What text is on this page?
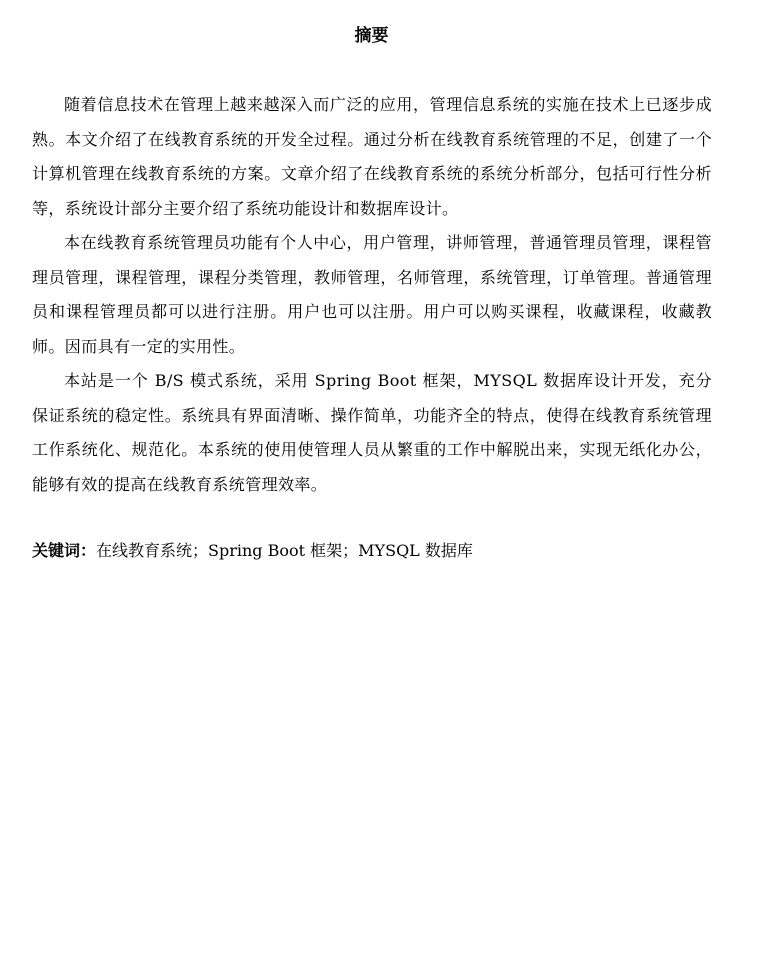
摘要

随着信息技术在管理上越来越深入而广泛的应用，管理信息系统的实施在技术上已逐步成熟。本文介绍了在线教育系统的开发全过程。通过分析在线教育系统管理的不足，创建了一个计算机管理在线教育系统的方案。文章介绍了在线教育系统的系统分析部分，包括可行性分析等，系统设计部分主要介绍了系统功能设计和数据库设计。

本在线教育系统管理员功能有个人中心，用户管理，讲师管理，普通管理员管理，课程管理员管理，课程管理，课程分类管理，教师管理，名师管理，系统管理，订单管理。普通管理员和课程管理员都可以进行注册。用户也可以注册。用户可以购买课程，收藏课程，收藏教师。因而具有一定的实用性。

本站是一个 B/S 模式系统，采用 Spring Boot 框架，MYSQL 数据库设计开发，充分保证系统的稳定性。系统具有界面清晰、操作简单，功能齐全的特点，使得在线教育系统管理工作系统化、规范化。本系统的使用使管理人员从繁重的工作中解脱出来，实现无纸化办公，能够有效的提高在线教育系统管理效率。

关键词：在线教育系统；Spring Boot 框架；MYSQL 数据库
